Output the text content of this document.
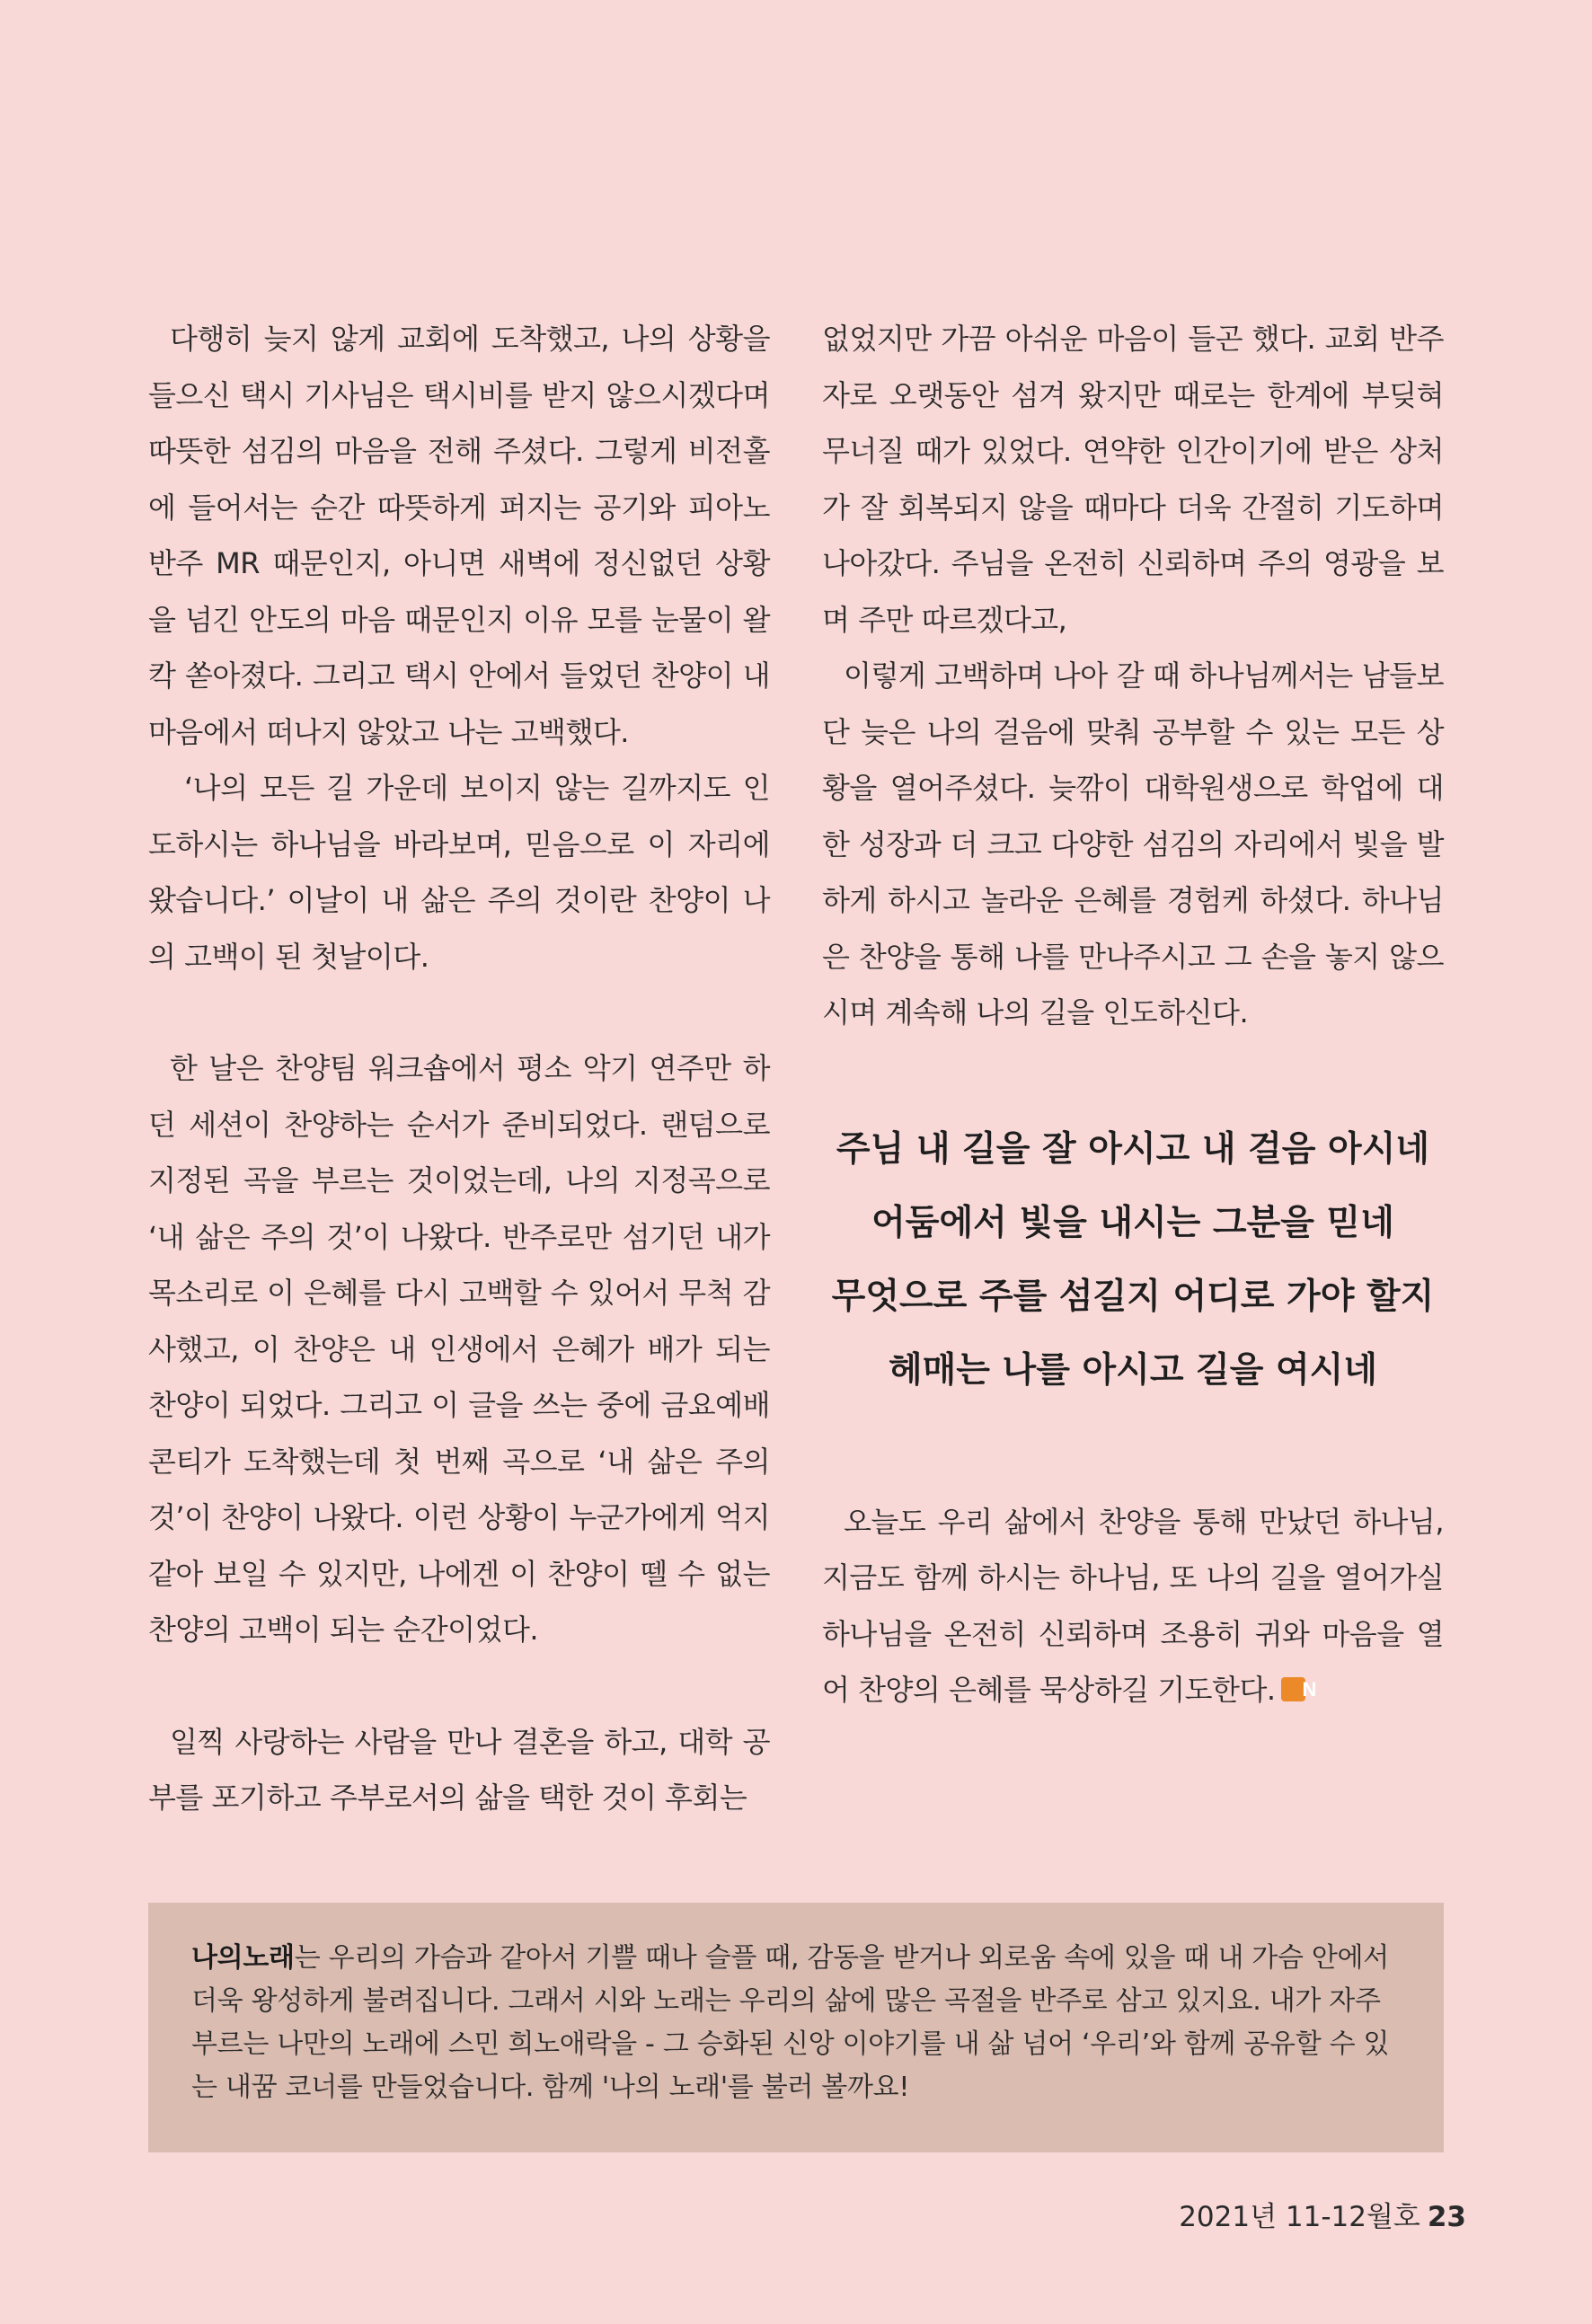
다행히 늦지 않게 교회에 도착했고, 나의 상황을 들으신 택시 기사님은 택시비를 받지 않으시겠다며 따뜻한 섬김의 마음을 전해 주셨다. 그렇게 비전홀에 들어서는 순간 따뜻하게 퍼지는 공기와 피아노 반주 MR 때문인지, 아니면 새벽에 정신없던 상황을 넘긴 안도의 마음 때문인지 이유 모를 눈물이 왈칵 쏟아졌다. 그리고 택시 안에서 들었던 찬양이 내 마음에서 떠나지 않았고 나는 고백했다.

‘나의 모든 길 가운데 보이지 않는 길까지도 인도하시는 하나님을 바라보며, 믿음으로 이 자리에 왔습니다.’ 이날이 내 삶은 주의 것이란 찬양이 나의 고백이 된 첫날이다.

한 날은 찬양팀 워크숍에서 평소 악기 연주만 하던 세션이 찬양하는 순서가 준비되었다. 랜덤으로 지정된 곡을 부르는 것이었는데, 나의 지정곡으로 ‘내 삶은 주의 것’이 나왔다. 반주로만 섬기던 내가 목소리로 이 은혜를 다시 고백할 수 있어서 무척 감사했고, 이 찬양은 내 인생에서 은혜가 배가 되는 찬양이 되었다. 그리고 이 글을 쓰는 중에 금요예배 콘티가 도착했는데 첫 번째 곡으로 ‘내 삶은 주의 것’이 찬양이 나왔다. 이런 상황이 누군가에게 억지 같아 보일 수 있지만, 나에겐 이 찬양이 뗄 수 없는 찬양의 고백이 되는 순간이었다.

일찍 사랑하는 사람을 만나 결혼을 하고, 대학 공부를 포기하고 주부로서의 삶을 택한 것이 후회는

없었지만 가끔 아쉬운 마음이 들곤 했다. 교회 반주자로 오랫동안 섬겨 왔지만 때로는 한계에 부딪혀 무너질 때가 있었다. 연약한 인간이기에 받은 상처가 잘 회복되지 않을 때마다 더욱 간절히 기도하며 나아갔다. 주님을 온전히 신뢰하며 주의 영광을 보며 주만 따르겠다고,

이렇게 고백하며 나아 갈 때 하나님께서는 남들보단 늦은 나의 걸음에 맞춰 공부할 수 있는 모든 상황을 열어주셨다. 늦깎이 대학원생으로 학업에 대한 성장과 더 크고 다양한 섬김의 자리에서 빛을 발하게 하시고 놀라운 은혜를 경험케 하셨다. 하나님은 찬양을 통해 나를 만나주시고 그 손을 놓지 않으시며 계속해 나의 길을 인도하신다.

주님 내 길을 잘 아시고 내 걸음 아시네
어둠에서 빛을 내시는 그분을 믿네
무엇으로 주를 섬길지 어디로 가야 할지
헤매는 나를 아시고 길을 여시네

오늘도 우리 삶에서 찬양을 통해 만났던 하나님, 지금도 함께 하시는 하나님, 또 나의 길을 열어가실 하나님을 온전히 신뢰하며 조용히 귀와 마음을 열어 찬양의 은혜를 묵상하길 기도한다. N

나의노래는 우리의 가슴과 같아서 기쁠 때나 슬플 때, 감동을 받거나 외로움 속에 있을 때 내 가슴 안에서 더욱 왕성하게 불려집니다. 그래서 시와 노래는 우리의 삶에 많은 곡절을 반주로 삼고 있지요. 내가 자주 부르는 나만의 노래에 스민 희노애락을 - 그 승화된 신앙 이야기를 내 삶 넘어 ‘우리’와 함께 공유할 수 있는 내꿈 코너를 만들었습니다. 함께 '나의 노래'를 불러 볼까요!

2021년 11-12월호 23
